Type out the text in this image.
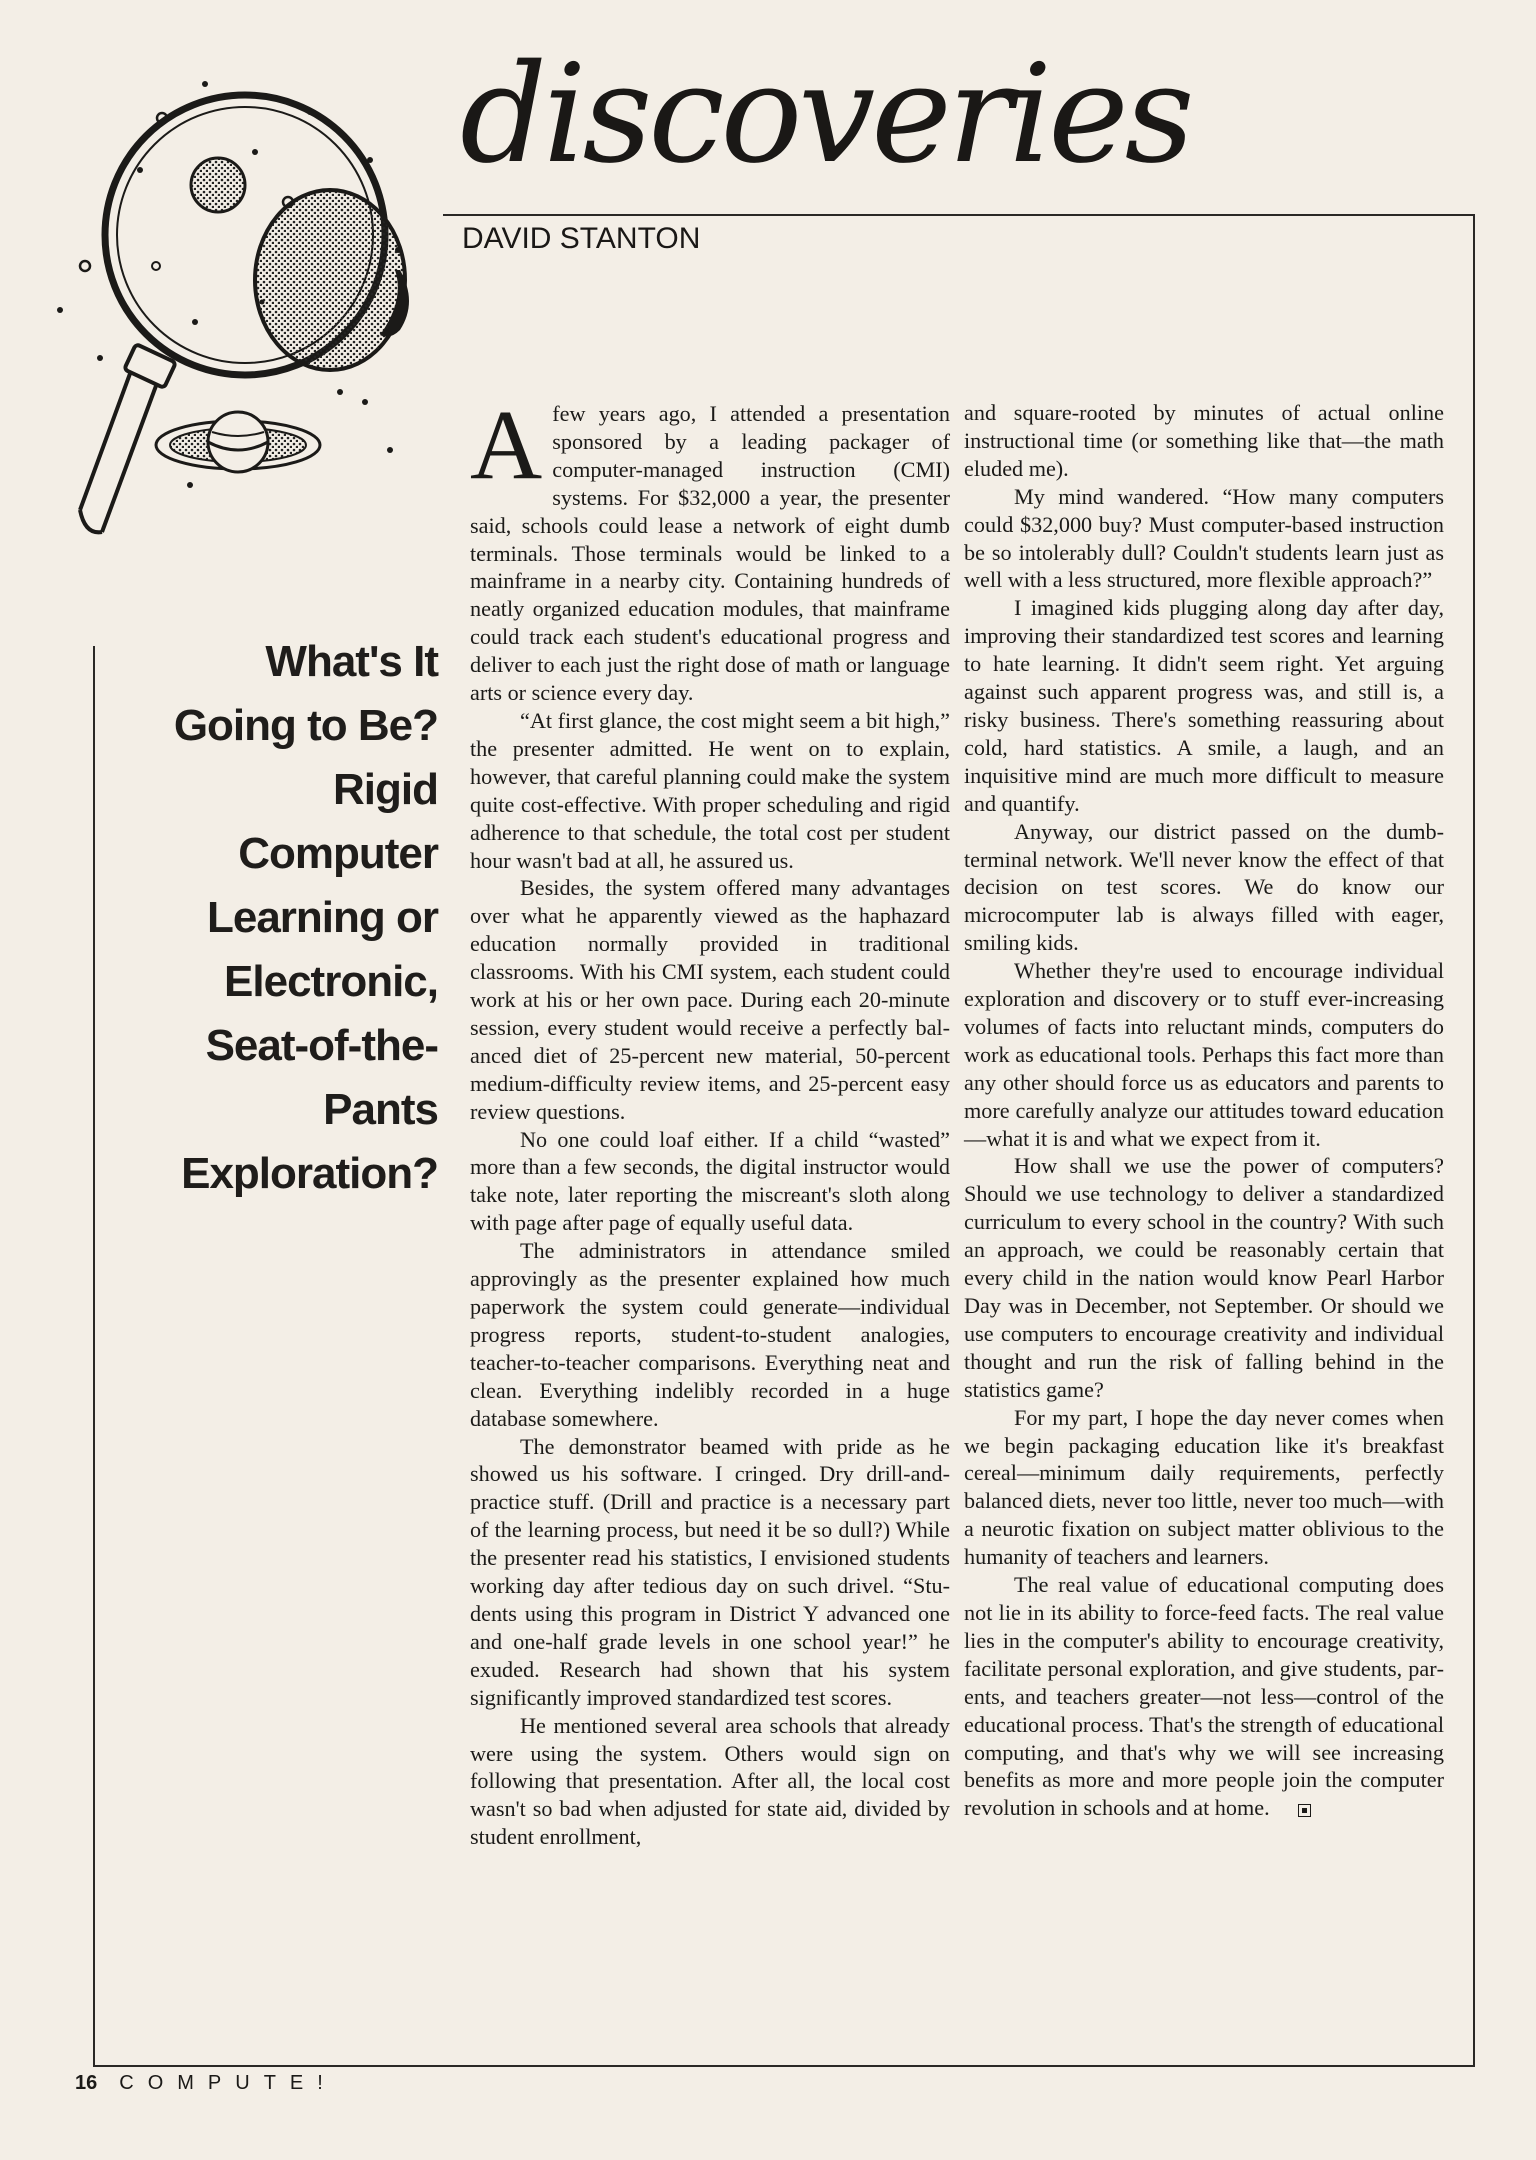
discoveries
DAVID STANTON
What's It
Going to Be?
Rigid
Computer
Learning or
Electronic,
Seat-of-the-
Pants
Exploration?

Afew years ago, I attended a presentation sponsored by a leading packager of computer-managed instruction (CMI) systems. For $32,000 a year, the presenter said, schools could lease a network of eight dumb terminals. Those terminals would be linked to a mainframe in a nearby city. Containing hundreds of neatly organized education modules, that mainframe could track each student's educational progress and deliver to each just the right dose of math or language arts or science every day.

“At first glance, the cost might seem a bit high,” the presenter admitted. He went on to explain, however, that careful planning could make the system quite cost-effective. With proper scheduling and rigid adherence to that schedule, the total cost per student hour wasn't bad at all, he assured us.

Besides, the system offered many advantages over what he apparently viewed as the haphazard education normally provided in traditional classrooms. With his CMI system, each student could work at his or her own pace. During each 20-minute session, every student would receive a perfectly balanced diet of 25-percent new material, 50-percent medium-difficulty review items, and 25-percent easy review questions.

No one could loaf either. If a child “wasted” more than a few seconds, the digital instructor would take note, later reporting the miscreant's sloth along with page after page of equally useful data.

The administrators in attendance smiled approvingly as the presenter explained how much paperwork the system could generate—individual progress reports, student-to-student analogies, teacher-to-teacher comparisons. Everything neat and clean. Everything indelibly recorded in a huge database somewhere.

The demonstrator beamed with pride as he showed us his software. I cringed. Dry drill-and-practice stuff. (Drill and practice is a necessary part of the learning process, but need it be so dull?) While the presenter read his statistics, I envisioned students working day after tedious day on such drivel. “Students using this program in District Y advanced one and one-half grade levels in one school year!” he exuded. Research had shown that his system significantly improved standardized test scores.

He mentioned several area schools that already were using the system. Others would sign on following that presentation. After all, the local cost wasn't so bad when adjusted for state aid, divided by student enrollment,

and square-rooted by minutes of actual online instructional time (or something like that—the math eluded me).

My mind wandered. “How many computers could $32,000 buy? Must computer-based instruction be so intolerably dull? Couldn't students learn just as well with a less structured, more flexible approach?”

I imagined kids plugging along day after day, improving their standardized test scores and learning to hate learning. It didn't seem right. Yet arguing against such apparent progress was, and still is, a risky business. There's something reassuring about cold, hard statistics. A smile, a laugh, and an inquisitive mind are much more difficult to measure and quantify.

Anyway, our district passed on the dumb-terminal network. We'll never know the effect of that decision on test scores. We do know our microcomputer lab is always filled with eager, smiling kids.

Whether they're used to encourage individual exploration and discovery or to stuff ever-increasing volumes of facts into reluctant minds, computers do work as educational tools. Perhaps this fact more than any other should force us as educators and parents to more carefully analyze our attitudes toward education—what it is and what we expect from it.

How shall we use the power of computers? Should we use technology to deliver a standardized curriculum to every school in the country? With such an approach, we could be reasonably certain that every child in the nation would know Pearl Harbor Day was in December, not September. Or should we use computers to encourage creativity and individual thought and run the risk of falling behind in the statistics game?

For my part, I hope the day never comes when we begin packaging education like it's breakfast cereal—minimum daily requirements, perfectly balanced diets, never too little, never too much—with a neurotic fixation on subject matter oblivious to the humanity of teachers and learners.

The real value of educational computing does not lie in its ability to force-feed facts. The real value lies in the computer's ability to encourage creativity, facilitate personal exploration, and give students, parents, and teachers greater—not less—control of the educational process. That's the strength of educational computing, and that's why we will see increasing benefits as more and more people join the computer revolution in schools and at home.

16 COMPUTE!
